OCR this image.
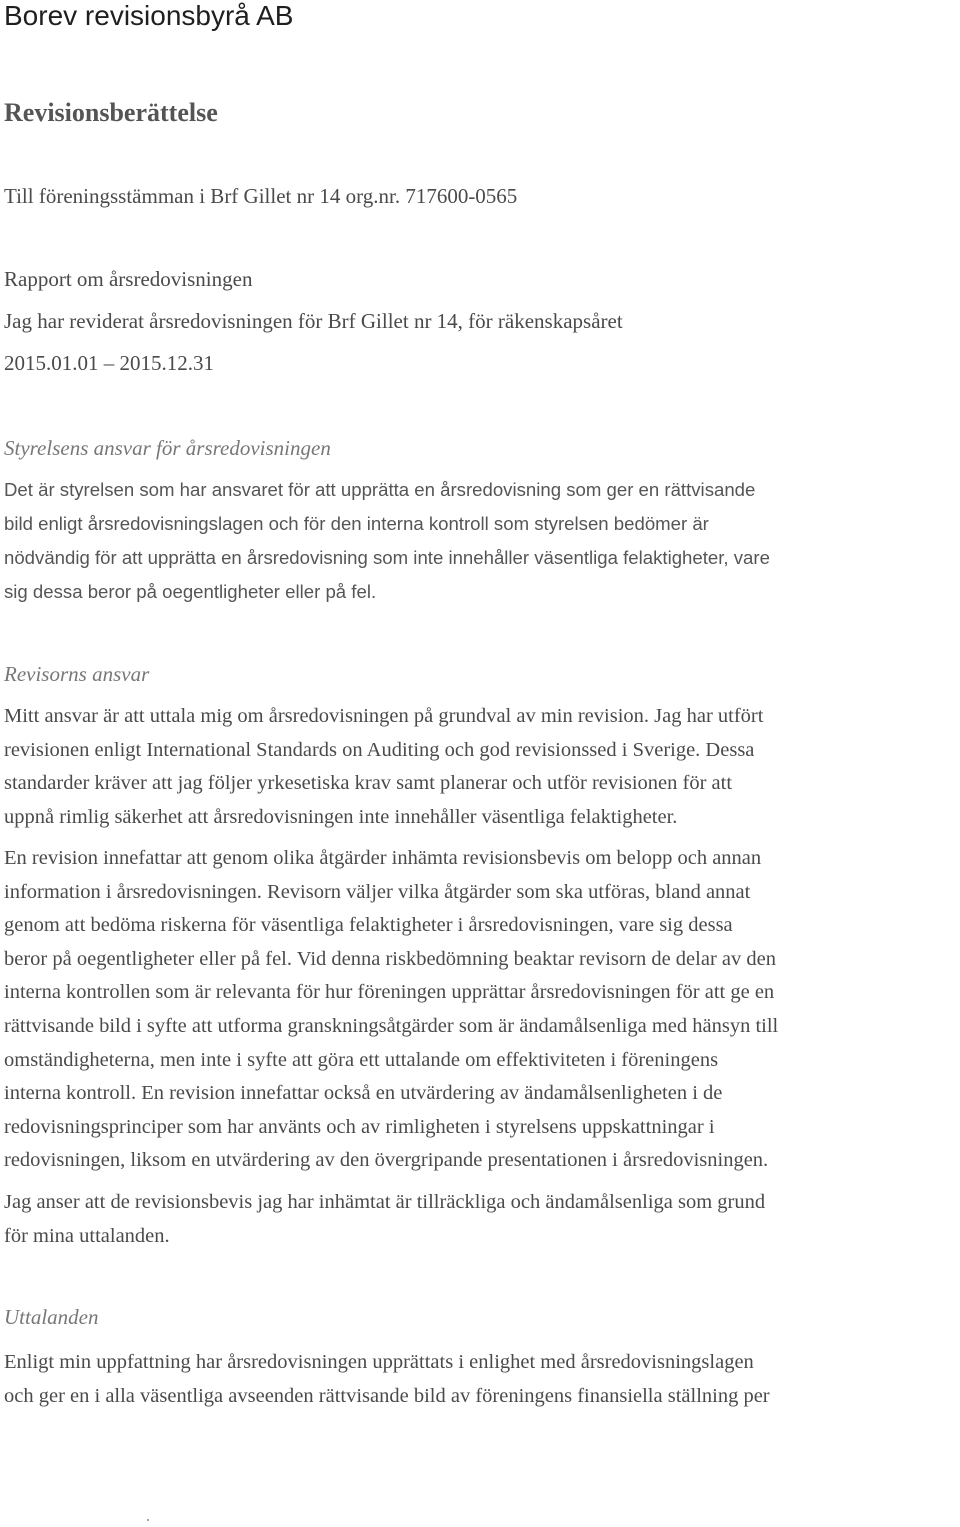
Borev revisionsbyrå AB
Revisionsberättelse

Till föreningsstämman i Brf Gillet nr 14 org.nr. 717600-0565

Rapport om årsredovisningen

Jag har reviderat årsredovisningen för Brf Gillet nr 14, för räkenskapsåret

2015.01.01 – 2015.12.31

Styrelsens ansvar för årsredovisningen

Det är styrelsen som har ansvaret för att upprätta en årsredovisning som ger en rättvisande
bild enligt årsredovisningslagen och för den interna kontroll som styrelsen bedömer är
nödvändig för att upprätta en årsredovisning som inte innehåller väsentliga felaktigheter, vare
sig dessa beror på oegentligheter eller på fel.

Revisorns ansvar

Mitt ansvar är att uttala mig om årsredovisningen på grundval av min revision. Jag har utfört
revisionen enligt International Standards on Auditing och god revisionssed i Sverige. Dessa
standarder kräver att jag följer yrkesetiska krav samt planerar och utför revisionen för att
uppnå rimlig säkerhet att årsredovisningen inte innehåller väsentliga felaktigheter.
En revision innefattar att genom olika åtgärder inhämta revisionsbevis om belopp och annan
information i årsredovisningen. Revisorn väljer vilka åtgärder som ska utföras, bland annat
genom att bedöma riskerna för väsentliga felaktigheter i årsredovisningen, vare sig dessa
beror på oegentligheter eller på fel. Vid denna riskbedömning beaktar revisorn de delar av den
interna kontrollen som är relevanta för hur föreningen upprättar årsredovisningen för att ge en
rättvisande bild i syfte att utforma granskningsåtgärder som är ändamålsenliga med hänsyn till
omständigheterna, men inte i syfte att göra ett uttalande om effektiviteten i föreningens
interna kontroll. En revision innefattar också en utvärdering av ändamålsenligheten i de
redovisningsprinciper som har använts och av rimligheten i styrelsens uppskattningar i
redovisningen, liksom en utvärdering av den övergripande presentationen i årsredovisningen.
Jag anser att de revisionsbevis jag har inhämtat är tillräckliga och ändamålsenliga som grund
för mina uttalanden.

Uttalanden

Enligt min uppfattning har årsredovisningen upprättats i enlighet med årsredovisningslagen
och ger en i alla väsentliga avseenden rättvisande bild av föreningens finansiella ställning per
